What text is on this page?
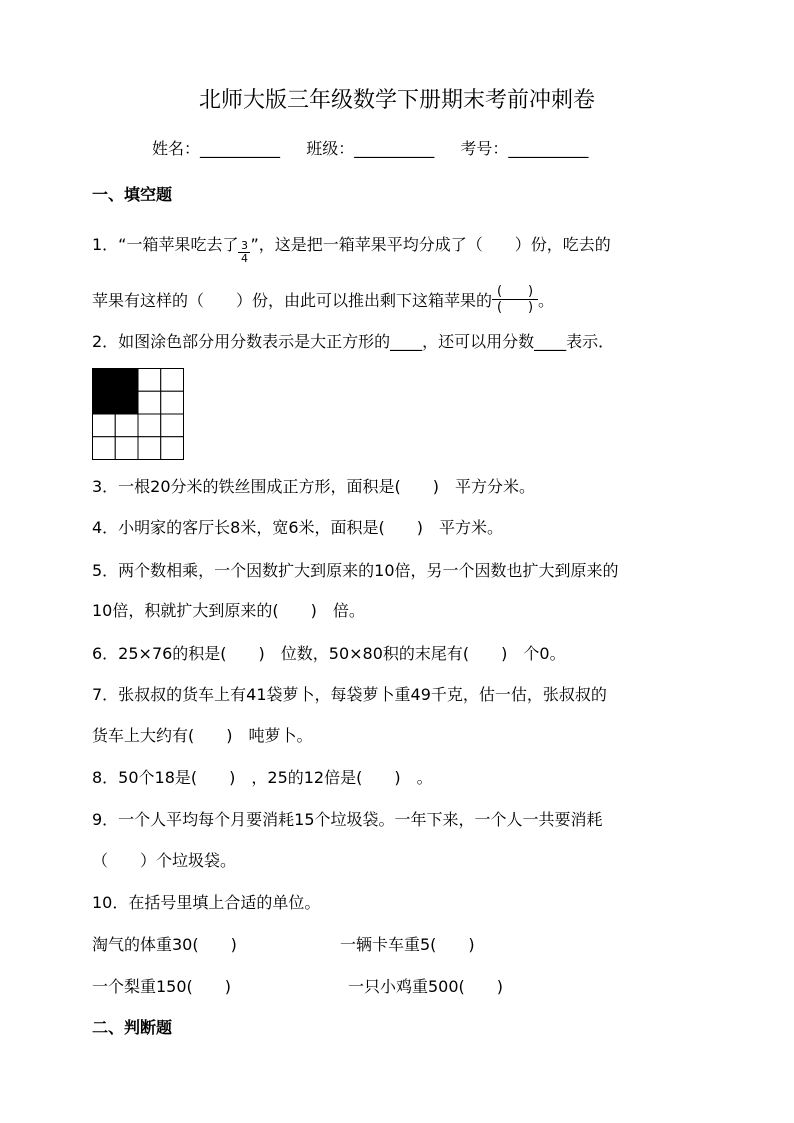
北师大版三年级数学下册期末考前冲刺卷
姓名：__________ 班级：__________ 考号：__________
一、填空题
1．“一箱苹果吃去了 $\frac{3}{4}$”，这是把一箱苹果平均分成了（　　）份，吃去的
苹果有这样的（　　）份，由此可以推出剩下这箱苹果的 $\frac{( )}{( )}$ 。
2．如图涂色部分用分数表示是大正方形的____，还可以用分数____表示．
3．一根20分米的铁丝围成正方形，面积是(　　)　平方分米。
4．小明家的客厅长8米，宽6米，面积是(　　)　平方米。
5．两个数相乘，一个因数扩大到原来的10倍，另一个因数也扩大到原来的
10倍，积就扩大到原来的(　　)　倍。
6．25×76的积是(　　)　位数，50×80积的末尾有(　　)　个0。
7．张叔叔的货车上有41袋萝卜，每袋萝卜重49千克，估一估，张叔叔的
货车上大约有(　　)　吨萝卜。
8．50个18是(　　)　，25的12倍是(　　)　。
9．一个人平均每个月要消耗15个垃圾袋。一年下来，一个人一共要消耗
（　　）个垃圾袋。
10．在括号里填上合适的单位。
淘气的体重30(　　)	一辆卡车重5(　　)
一个梨重150(　　)	一只小鸡重500(　　)
二、判断题
